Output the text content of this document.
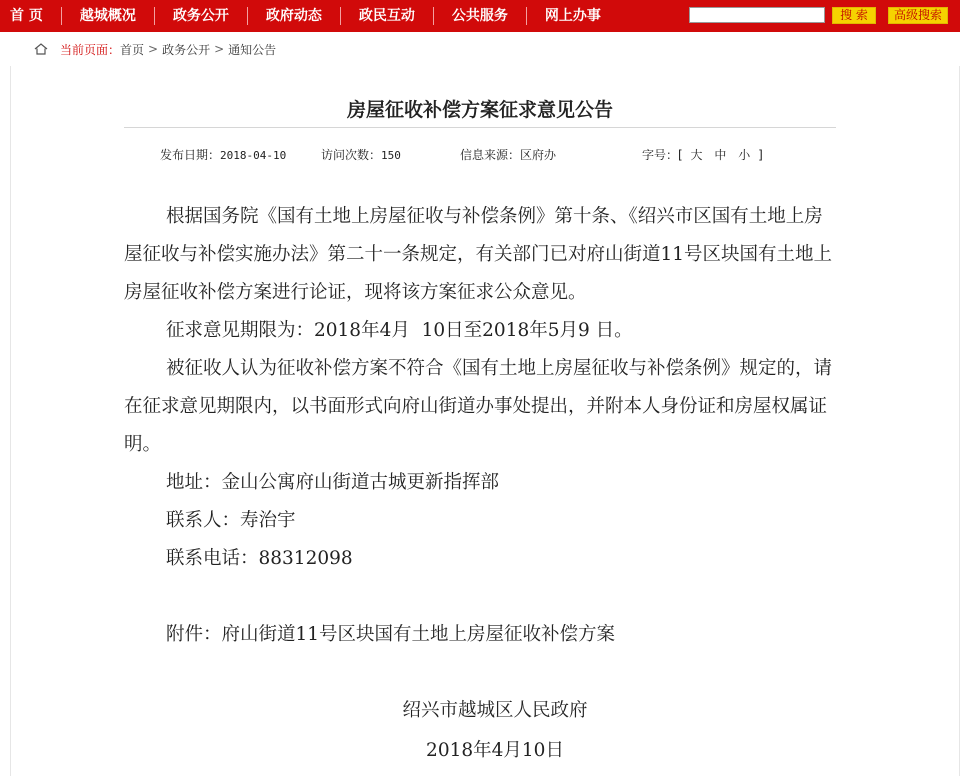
首 页	越城概况	政务公开	政府动态	政民互动	公共服务	网上办事	搜 索	高级搜索
当前页面： 首页 > 政务公开 > 通知公告
房屋征收补偿方案征求意见公告
发布日期：2018-04-10	访问次数：150	信息来源：区府办	字号：[ 大 中 小 ]

根据国务院《国有土地上房屋征收与补偿条例》第十条、《绍兴市区国有土地上房屋征收与补偿实施办法》第二十一条规定，有关部门已对府山街道11号区块国有土地上房屋征收补偿方案进行论证，现将该方案征求公众意见。

征求意见期限为：2018年4月  10日至2018年5月9 日。

被征收人认为征收补偿方案不符合《国有土地上房屋征收与补偿条例》规定的，请在征求意见期限内，以书面形式向府山街道办事处提出，并附本人身份证和房屋权属证明。

地址：金山公寓府山街道古城更新指挥部

联系人：寿治宇

联系电话：88312098

附件：府山街道11号区块国有土地上房屋征收补偿方案

绍兴市越城区人民政府
2018年4月10日
